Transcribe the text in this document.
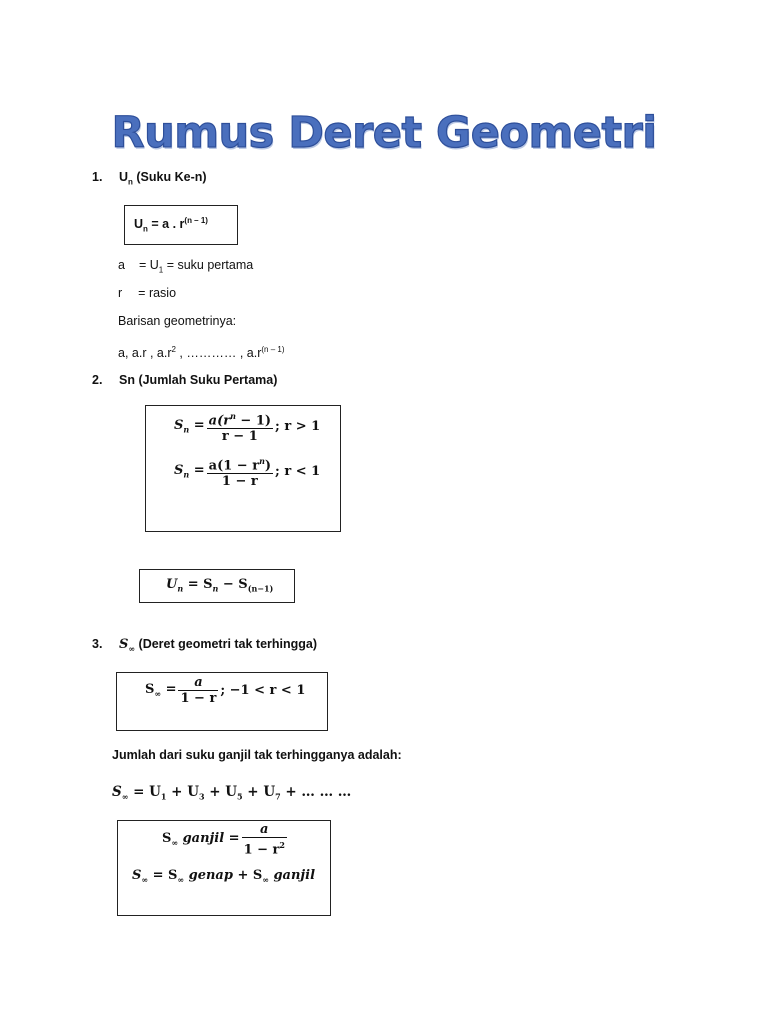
Rumus Deret Geometri
1. $U_n$ (Suku Ke-n)
$U_n = a$ . $r^{(n - 1)}$
$a = U_1$ = suku pertama
r = rasio
Barisan geometrinya:
a, a.r , $a.r^2$ , ………… , $a.r^{(n - 1)}$
2. Sn (Jumlah Suku Pertama)
$S_n = \frac{a(r^n - 1)}{r - 1}$ ; r > 1
$S_n = \frac{a(1 - r^n)}{1 - r}$ ; r < 1
$U_n = S_n - S_{(n-1)}$
3. $S_\infty$ (Deret geometri tak terhingga)
$S_\infty = \frac{a}{1 - r}$ ; −1 < r < 1
Jumlah dari suku ganjil tak terhingganya adalah:
$S_\infty = U_1 + U_3 + U_5 + U_7$ + … … …
$S_\infty$ ganjil = $\frac{a}{1 - r^2}$
$S_\infty = S_\infty$ genap + $S_\infty$ ganjil
